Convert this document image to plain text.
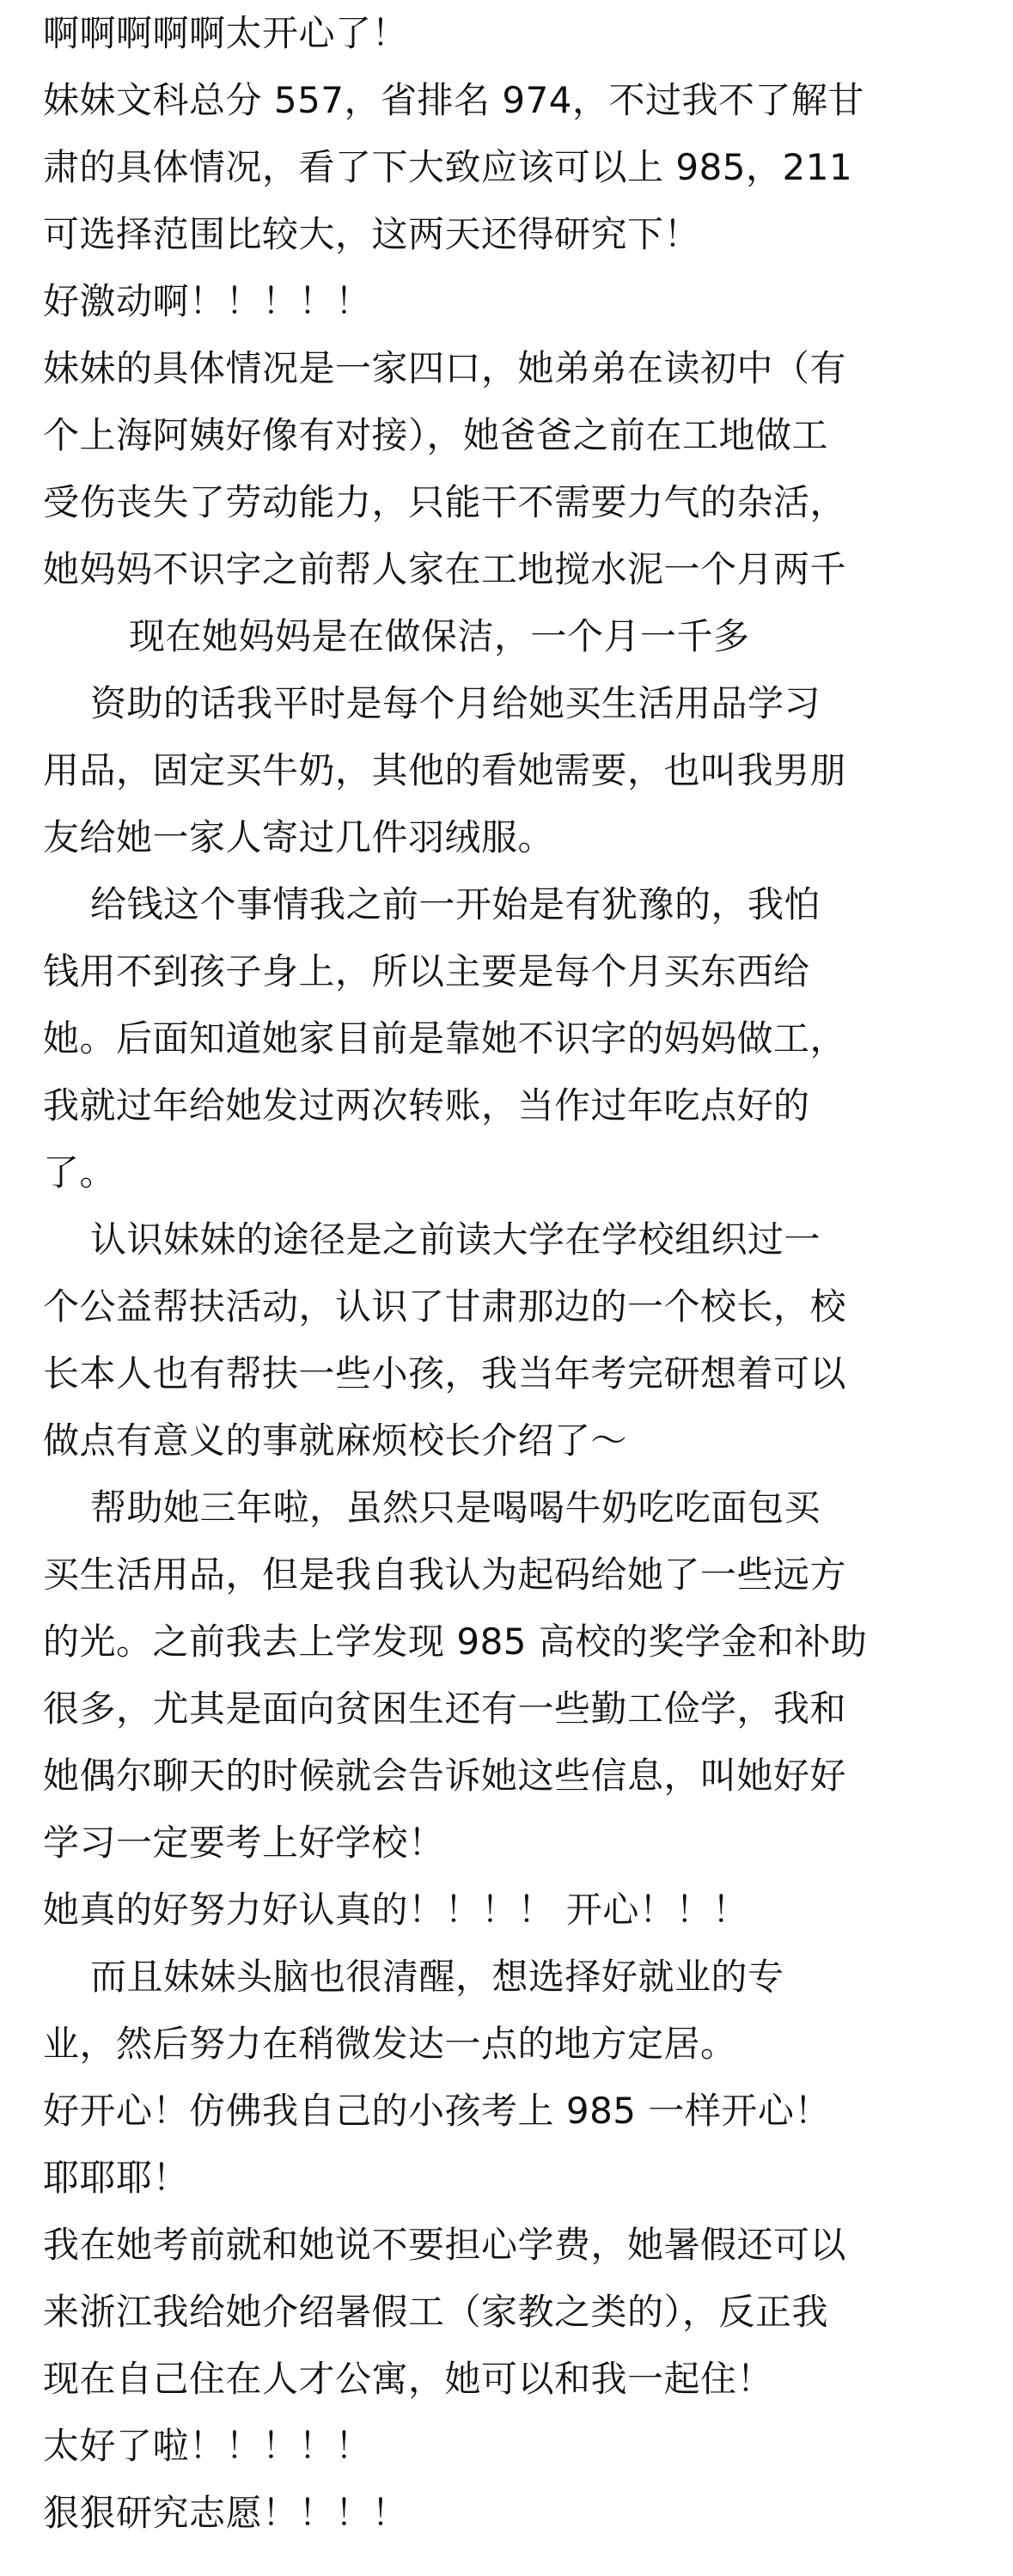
啊啊啊啊啊太开心了！
妹妹文科总分 557，省排名 974，不过我不了解甘
肃的具体情况，看了下大致应该可以上 985，211
可选择范围比较大，这两天还得研究下！
好激动啊！！！！！
妹妹的具体情况是一家四口，她弟弟在读初中（有
个上海阿姨好像有对接），她爸爸之前在工地做工
受伤丧失了劳动能力，只能干不需要力气的杂活，
她妈妈不识字之前帮人家在工地搅水泥一个月两千
现在她妈妈是在做保洁，一个月一千多
资助的话我平时是每个月给她买生活用品学习
用品，固定买牛奶，其他的看她需要，也叫我男朋
友给她一家人寄过几件羽绒服。
给钱这个事情我之前一开始是有犹豫的，我怕
钱用不到孩子身上，所以主要是每个月买东西给
她。后面知道她家目前是靠她不识字的妈妈做工，
我就过年给她发过两次转账，当作过年吃点好的
了。
认识妹妹的途径是之前读大学在学校组织过一
个公益帮扶活动，认识了甘肃那边的一个校长，校
长本人也有帮扶一些小孩，我当年考完研想着可以
做点有意义的事就麻烦校长介绍了～
帮助她三年啦，虽然只是喝喝牛奶吃吃面包买
买生活用品，但是我自我认为起码给她了一些远方
的光。之前我去上学发现 985 高校的奖学金和补助
很多，尤其是面向贫困生还有一些勤工俭学，我和
她偶尔聊天的时候就会告诉她这些信息，叫她好好
学习一定要考上好学校！
她真的好努力好认真的！！！！ 开心！！！
而且妹妹头脑也很清醒，想选择好就业的专
业，然后努力在稍微发达一点的地方定居。
好开心！仿佛我自己的小孩考上 985 一样开心！
耶耶耶！
我在她考前就和她说不要担心学费，她暑假还可以
来浙江我给她介绍暑假工（家教之类的），反正我
现在自己住在人才公寓，她可以和我一起住！
太好了啦！！！！！
狠狠研究志愿！！！！
